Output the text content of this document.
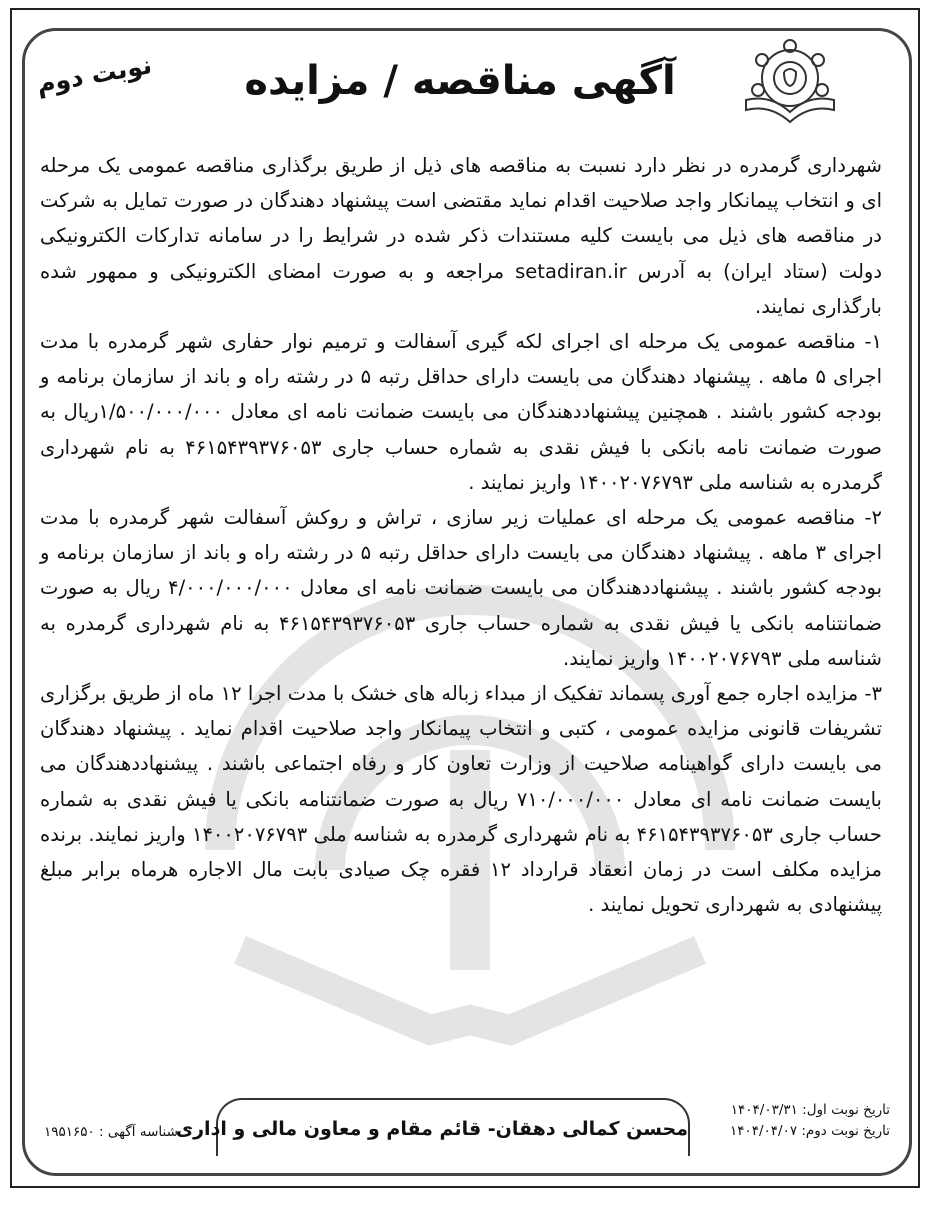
آگهی مناقصه / مزایده
نوبت دوم

شهرداری گرمدره در نظر دارد نسبت به مناقصه های ذیل از طریق برگذاری مناقصه عمومی یک مرحله ای و انتخاب پیمانکار واجد صلاحیت اقدام نماید مقتضی است پیشنهاد دهندگان در صورت تمایل به شرکت در مناقصه های ذیل می بایست کلیه مستندات ذکر شده در شرایط را در سامانه تدارکات الکترونیکی دولت (ستاد ایران) به آدرس setadiran.ir مراجعه و به صورت امضای الکترونیکی و ممهور شده بارگذاری نمایند.

۱- مناقصه عمومی یک مرحله ای اجرای لکه گیری آسفالت و ترمیم نوار حفاری شهر گرمدره با مدت اجرای ۵ ماهه . پیشنهاد دهندگان می بایست دارای حداقل رتبه ۵ در رشته راه و باند از سازمان برنامه و بودجه کشور باشند . همچنین پیشنهاددهندگان می بایست ضمانت نامه ای معادل ۱/۵۰۰/۰۰۰/۰۰۰ریال به صورت ضمانت نامه بانکی با فیش نقدی به شماره حساب جاری ۴۶۱۵۴۳۹۳۷۶۰۵۳ به نام شهرداری گرمدره به شناسه ملی ۱۴۰۰۲۰۷۶۷۹۳ واریز نمایند .

۲- مناقصه عمومی یک مرحله ای عملیات زیر سازی ، تراش و روکش آسفالت شهر گرمدره با مدت اجرای ۳ ماهه . پیشنهاد دهندگان می بایست دارای حداقل رتبه ۵ در رشته راه و باند از سازمان برنامه و بودجه کشور باشند . پیشنهاددهندگان می بایست ضمانت نامه ای معادل ۴/۰۰۰/۰۰۰/۰۰۰ ریال به صورت ضمانتنامه بانکی یا فیش نقدی به شماره حساب جاری ۴۶۱۵۴۳۹۳۷۶۰۵۳ به نام شهرداری گرمدره به شناسه ملی ۱۴۰۰۲۰۷۶۷۹۳ واریز نمایند.

۳- مزایده اجاره جمع آوری پسماند تفکیک از مبداء زباله های خشک با مدت اجرا ۱۲ ماه از طریق برگزاری تشریفات قانونی مزایده عمومی ، کتبی و انتخاب پیمانکار واجد صلاحیت اقدام نماید . پیشنهاد دهندگان می بایست دارای گواهینامه صلاحیت از وزارت تعاون کار و رفاه اجتماعی باشند . پیشنهاددهندگان می بایست ضمانت نامه ای معادل ۷۱۰/۰۰۰/۰۰۰ ریال به صورت ضمانتنامه بانکی یا فیش نقدی به شماره حساب جاری ۴۶۱۵۴۳۹۳۷۶۰۵۳ به نام شهرداری گرمدره به شناسه ملی ۱۴۰۰۲۰۷۶۷۹۳ واریز نمایند. برنده مزایده مکلف است در زمان انعقاد قرارداد ۱۲ فقره چک صیادی بابت مال الاجاره هرماه برابر مبلغ پیشنهادی به شهرداری تحویل نمایند .

تاریخ نوبت اول: ۱۴۰۴/۰۳/۳۱
تاریخ نوبت دوم: ۱۴۰۴/۰۴/۰۷
محسن کمالی دهقان- قائم مقام و معاون مالی و اداری
شناسه آگهی : ۱۹۵۱۶۵۰
